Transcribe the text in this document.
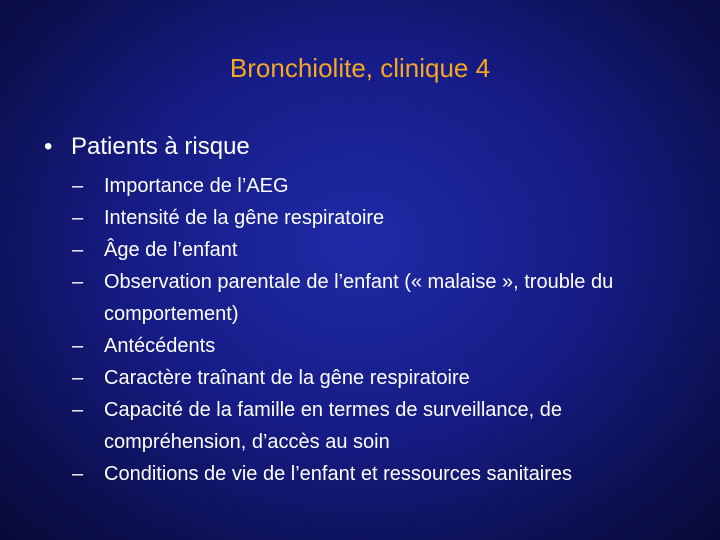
Bronchiolite, clinique 4
• Patients à risque
–	Importance de l’AEG
–	Intensité de la gêne respiratoire
–	Âge de l’enfant
–	Observation parentale de l’enfant (« malaise », trouble du comportement)
–	Antécédents
–	Caractère traînant de la gêne respiratoire
–	Capacité de la famille en termes de surveillance, de compréhension, d’accès au soin
–	Conditions de vie de l’enfant et ressources sanitaires
